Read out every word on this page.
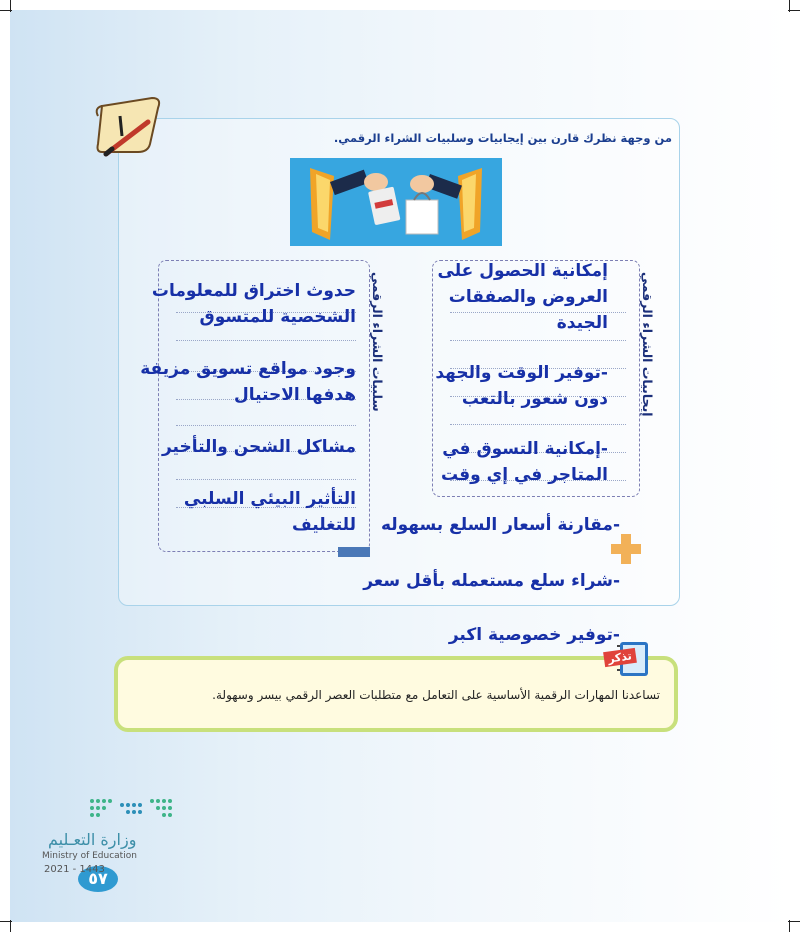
من وجهة نظرك قارن بين إيجابيات وسلبيات الشراء الرقمي.
سلبيات الشراء الرقمي
حدوث اختراق للمعلومات
الشخصية للمتسوق
وجود مواقع تسويق مزيفة
هدفها الاحتيال
مشاكل الشحن والتأخير
التأثير البيئي السلبي للتغليف
إيجابيات الشراء الرقمي
إمكانية الحصول على
العروض والصفقات
الجيدة
-توفير الوقت والجهد
دون شعور بالتعب
-إمكانية التسوق في
المتاجر في إي وقت
-مقارنة أسعار السلع بسهوله
-شراء سلع مستعمله بأقل سعر
-توفير خصوصية اكبر
تذكر
تساعدنا المهارات الرقمية الأساسية على التعامل مع متطلبات العصر الرقمي بيسر وسهولة.
وزارة التعـليم
Ministry of Education
٥٧
2021 - 1443
